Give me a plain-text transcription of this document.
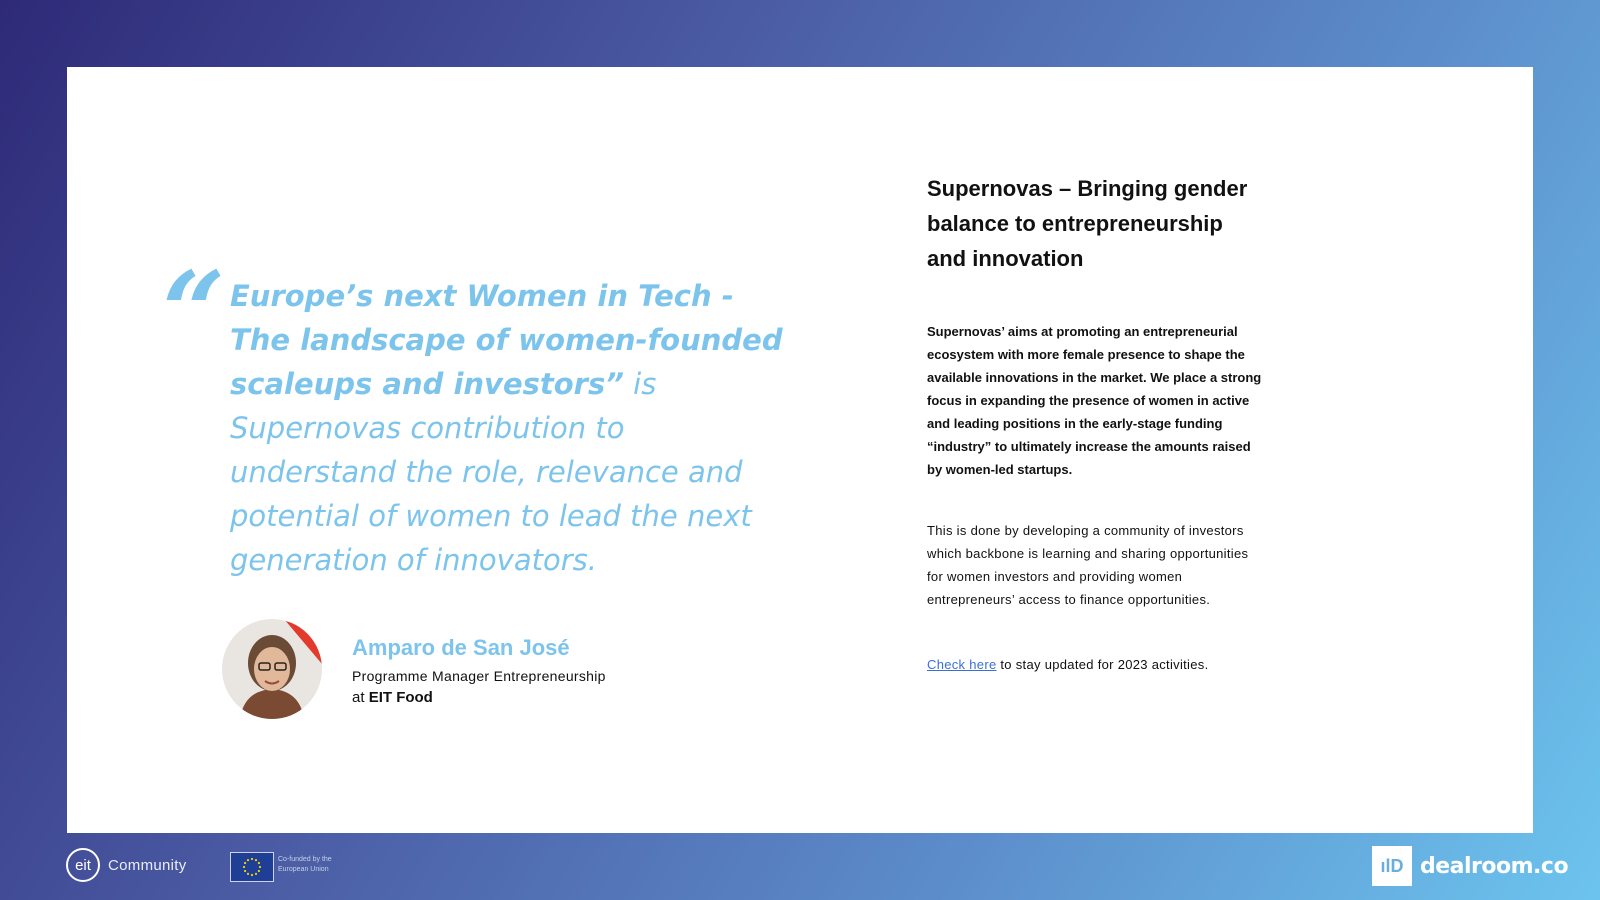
“ Europe’s next Women in Tech - The landscape of women-founded scaleups and investors” is Supernovas contribution to understand the role, relevance and potential of women to lead the next generation of innovators.
Amparo de San José
Programme Manager Entrepreneurship
at EIT Food
Supernovas – Bringing gender balance to entrepreneurship and innovation
Supernovas’ aims at promoting an entrepreneurial ecosystem with more female presence to shape the available innovations in the market. We place a strong focus in expanding the presence of women in active and leading positions in the early-stage funding “industry” to ultimately increase the amounts raised by women-led startups.
This is done by developing a community of investors which backbone is learning and sharing opportunities for women investors and providing women entrepreneurs’ access to finance opportunities.
Check here to stay updated for 2023 activities.
eit	Community	Co-funded by the
European Union	ılD dealroom.co
